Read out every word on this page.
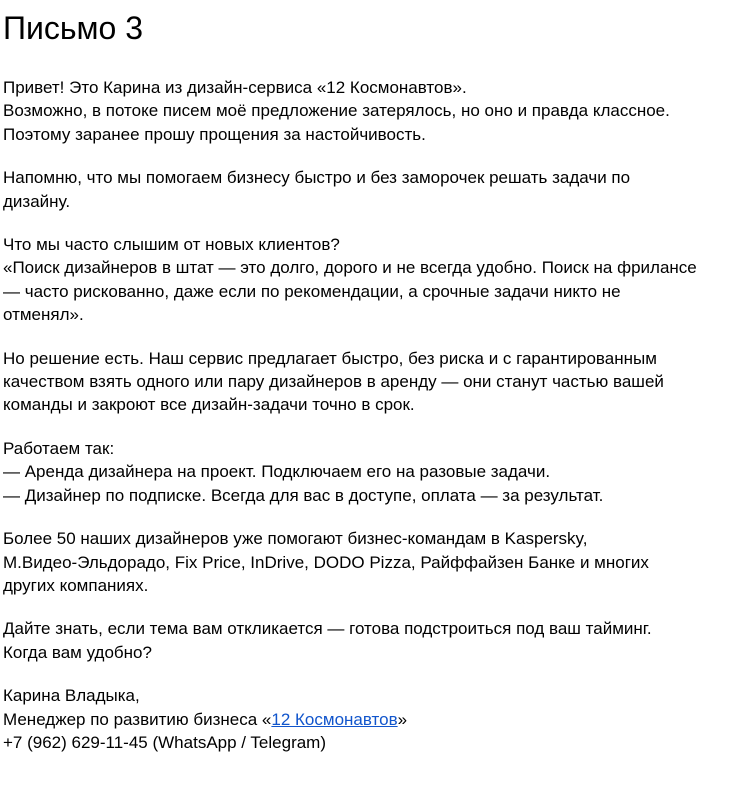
Письмо 3
Привет! Это Карина из дизайн-сервиса «12 Космонавтов».
Возможно, в потоке писем моё предложение затерялось, но оно и правда классное.
Поэтому заранее прошу прощения за настойчивость.
Напомню, что мы помогаем бизнесу быстро и без заморочек решать задачи по
дизайну.
Что мы часто слышим от новых клиентов?
«Поиск дизайнеров в штат — это долго, дорого и не всегда удобно. Поиск на фрилансе
— часто рискованно, даже если по рекомендации, а срочные задачи никто не
отменял».
Но решение есть. Наш сервис предлагает быстро, без риска и с гарантированным
качеством взять одного или пару дизайнеров в аренду — они станут частью вашей
команды и закроют все дизайн-задачи точно в срок.
Работаем так:
— Аренда дизайнера на проект. Подключаем его на разовые задачи.
— Дизайнер по подписке. Всегда для вас в доступе, оплата — за результат.
Более 50 наших дизайнеров уже помогают бизнес-командам в Kaspersky,
М.Видео-Эльдорадо, Fix Price, InDrive, DODO Pizza, Райффайзен Банке и многих
других компаниях.
Дайте знать, если тема вам откликается — готова подстроиться под ваш тайминг.
Когда вам удобно?
Карина Владыка,
Менеджер по развитию бизнеса «12 Космонавтов»
+7 (962) 629-11-45 (WhatsApp / Telegram)
